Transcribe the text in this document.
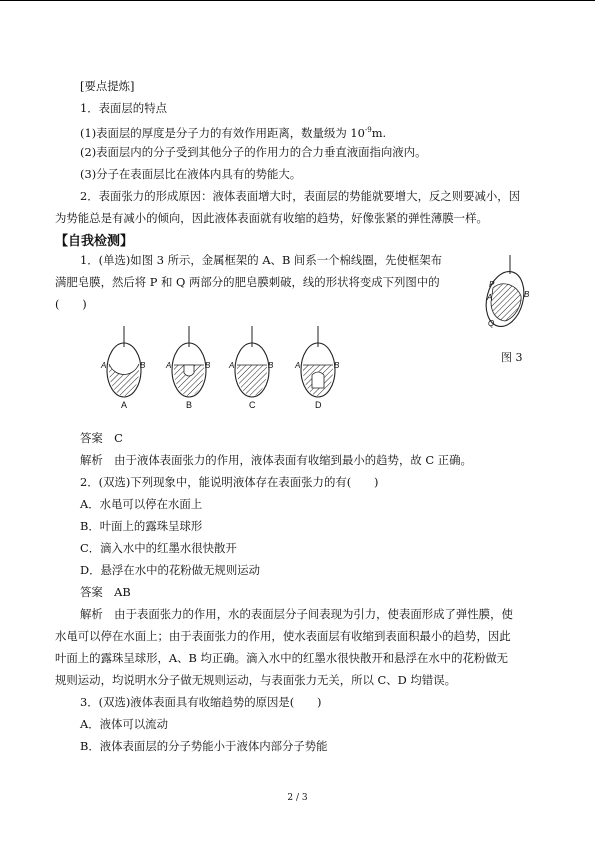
[要点提炼]
1．表面层的特点
(1)表面层的厚度是分子力的有效作用距离，数量级为 $10^{-9}m$.
(2)表面层内的分子受到其他分子的作用力的合力垂直液面指向液内。
(3)分子在表面层比在液体内具有的势能大。
2．表面张力的形成原因：液体表面增大时，表面层的势能就要增大，反之则要减小，因
为势能总是有减小的倾向，因此液体表面就有收缩的趋势，好像张紧的弹性薄膜一样。
【自我检测】
1．(单选)如图 3 所示，金属框架的 A、B 间系一个棉线圈，先使框架布
满肥皂膜，然后将 P 和 Q 两部分的肥皂膜刺破，线的形状将变成下列图中的
(　　)
P
A	B
Q
图 3
A	B	A	B A	B	A	B
A	B	C	D
答案　C
解析　由于液体表面张力的作用，液体表面有收缩到最小的趋势，故 C 正确。
2．(双选)下列现象中，能说明液体存在表面张力的有(　　)
A．水黾可以停在水面上
B．叶面上的露珠呈球形
C．滴入水中的红墨水很快散开
D．悬浮在水中的花粉做无规则运动
答案　AB
解析　由于表面张力的作用，水的表面层分子间表现为引力，使表面形成了弹性膜，使
水黾可以停在水面上；由于表面张力的作用，使水表面层有收缩到表面积最小的趋势，因此
叶面上的露珠呈球形，A、B 均正确。滴入水中的红墨水很快散开和悬浮在水中的花粉做无
规则运动，均说明水分子做无规则运动，与表面张力无关，所以 C、D 均错误。
3．(双选)液体表面具有收缩趋势的原因是(　　)
A．液体可以流动
B．液体表面层的分子势能小于液体内部分子势能
2 / 3
